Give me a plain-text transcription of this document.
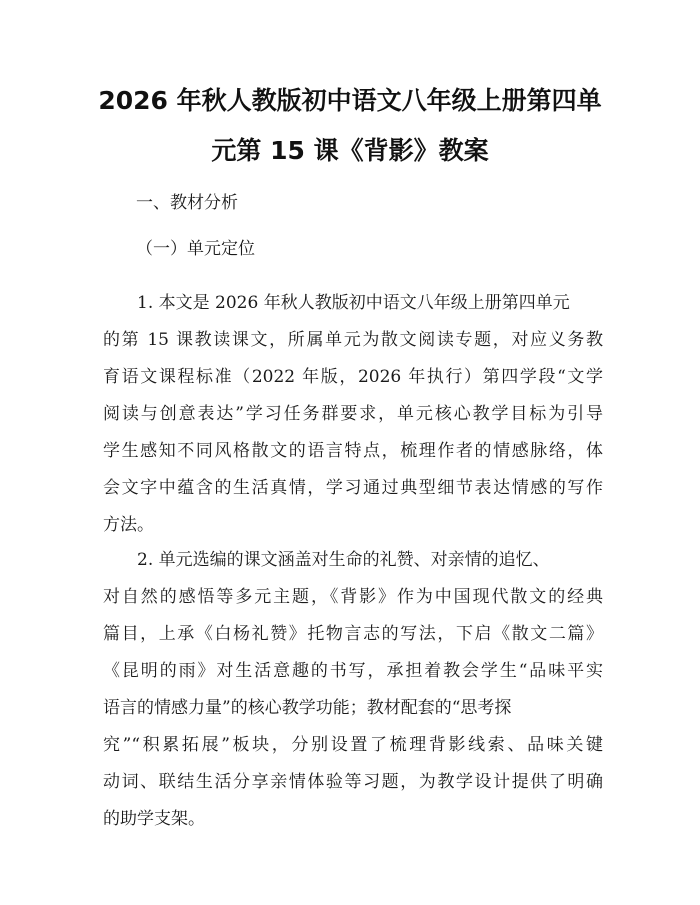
2026 年秋人教版初中语文八年级上册第四单
元第 15 课《背影》教案
一、教材分析
（一）单元定位
1. 本文是 2026 年秋人教版初中语文八年级上册第四单元
的第 15 课教读课文，所属单元为散文阅读专题，对应义务教
育语文课程标准（2022 年版，2026 年执行）第四学段“文学
阅读与创意表达”学习任务群要求，单元核心教学目标为引导
学生感知不同风格散文的语言特点，梳理作者的情感脉络，体
会文字中蕴含的生活真情，学习通过典型细节表达情感的写作
方法。
2. 单元选编的课文涵盖对生命的礼赞、对亲情的追忆、
对自然的感悟等多元主题，《背影》作为中国现代散文的经典
篇目，上承《白杨礼赞》托物言志的写法，下启《散文二篇》
《昆明的雨》对生活意趣的书写，承担着教会学生“品味平实
语言的情感力量”的核心教学功能；教材配套的“思考探
究”“积累拓展”板块，分别设置了梳理背影线索、品味关键
动词、联结生活分享亲情体验等习题，为教学设计提供了明确
的助学支架。
